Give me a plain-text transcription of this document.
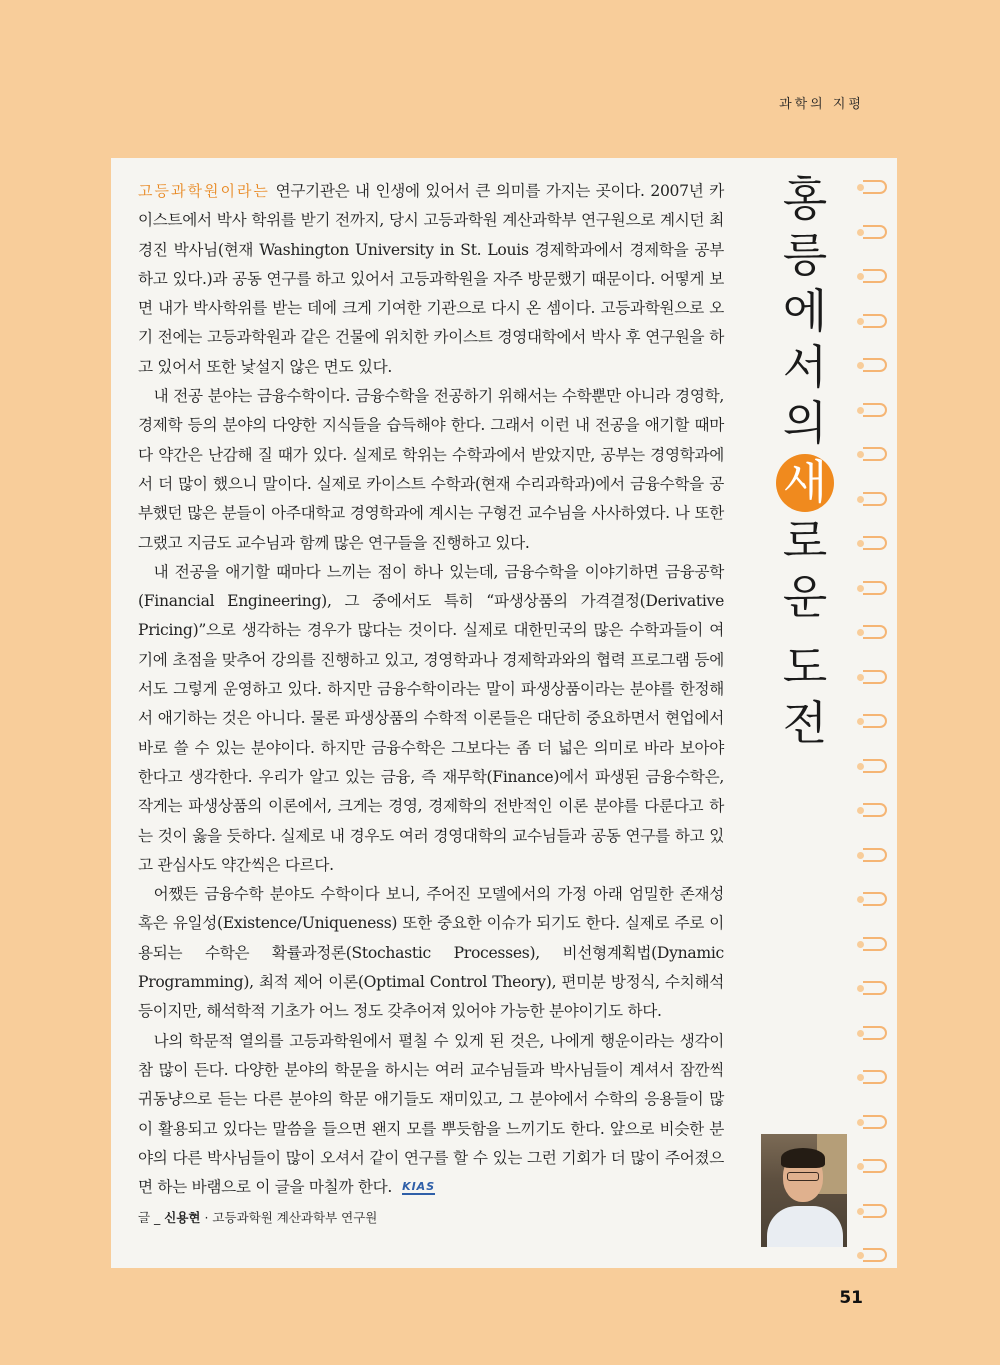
과학의 지평

고등과학원이라는 연구기관은 내 인생에 있어서 큰 의미를 가지는 곳이다. 2007년 카이스트에서 박사 학위를 받기 전까지, 당시 고등과학원 계산과학부 연구원으로 계시던 최경진 박사님(현재 Washington University in St. Louis 경제학과에서 경제학을 공부하고 있다.)과 공동 연구를 하고 있어서 고등과학원을 자주 방문했기 때문이다. 어떻게 보면 내가 박사학위를 받는 데에 크게 기여한 기관으로 다시 온 셈이다. 고등과학원으로 오기 전에는 고등과학원과 같은 건물에 위치한 카이스트 경영대학에서 박사 후 연구원을 하고 있어서 또한 낯설지 않은 면도 있다.

내 전공 분야는 금융수학이다. 금융수학을 전공하기 위해서는 수학뿐만 아니라 경영학, 경제학 등의 분야의 다양한 지식들을 습득해야 한다. 그래서 이런 내 전공을 애기할 때마다 약간은 난감해 질 때가 있다. 실제로 학위는 수학과에서 받았지만, 공부는 경영학과에서 더 많이 했으니 말이다. 실제로 카이스트 수학과(현재 수리과학과)에서 금융수학을 공부했던 많은 분들이 아주대학교 경영학과에 계시는 구형건 교수님을 사사하였다. 나 또한 그랬고 지금도 교수님과 함께 많은 연구들을 진행하고 있다.

내 전공을 애기할 때마다 느끼는 점이 하나 있는데, 금융수학을 이야기하면 금융공학(Financial Engineering), 그 중에서도 특히 “파생상품의 가격결정(Derivative Pricing)”으로 생각하는 경우가 많다는 것이다. 실제로 대한민국의 많은 수학과들이 여기에 초점을 맞추어 강의를 진행하고 있고, 경영학과나 경제학과와의 협력 프로그램 등에서도 그렇게 운영하고 있다. 하지만 금융수학이라는 말이 파생상품이라는 분야를 한정해서 애기하는 것은 아니다. 물론 파생상품의 수학적 이론들은 대단히 중요하면서 현업에서 바로 쓸 수 있는 분야이다. 하지만 금융수학은 그보다는 좀 더 넓은 의미로 바라 보아야 한다고 생각한다. 우리가 알고 있는 금융, 즉 재무학(Finance)에서 파생된 금융수학은, 작게는 파생상품의 이론에서, 크게는 경영, 경제학의 전반적인 이론 분야를 다룬다고 하는 것이 옳을 듯하다. 실제로 내 경우도 여러 경영대학의 교수님들과 공동 연구를 하고 있고 관심사도 약간씩은 다르다.

어쨌든 금융수학 분야도 수학이다 보니, 주어진 모델에서의 가정 아래 엄밀한 존재성 혹은 유일성(Existence/Uniqueness) 또한 중요한 이슈가 되기도 한다. 실제로 주로 이용되는 수학은 확률과정론(Stochastic Processes), 비선형계획법(Dynamic Programming), 최적 제어 이론(Optimal Control Theory), 편미분 방정식, 수치해석 등이지만, 해석학적 기초가 어느 정도 갖추어져 있어야 가능한 분야이기도 하다.

나의 학문적 열의를 고등과학원에서 펼칠 수 있게 된 것은, 나에게 행운이라는 생각이 참 많이 든다. 다양한 분야의 학문을 하시는 여러 교수님들과 박사님들이 계셔서 잠깐씩 귀동냥으로 듣는 다른 분야의 학문 애기들도 재미있고, 그 분야에서 수학의 응용들이 많이 활용되고 있다는 말씀을 들으면 왠지 모를 뿌듯함을 느끼기도 한다. 앞으로 비슷한 분야의 다른 박사님들이 많이 오셔서 같이 연구를 할 수 있는 그런 기회가 더 많이 주어졌으면 하는 바램으로 이 글을 마칠까 한다. KIAS

글 _ 신용현 · 고등과학원 계산과학부 연구원
홍
릉
에
서
의
새
로
운
도
전
51
